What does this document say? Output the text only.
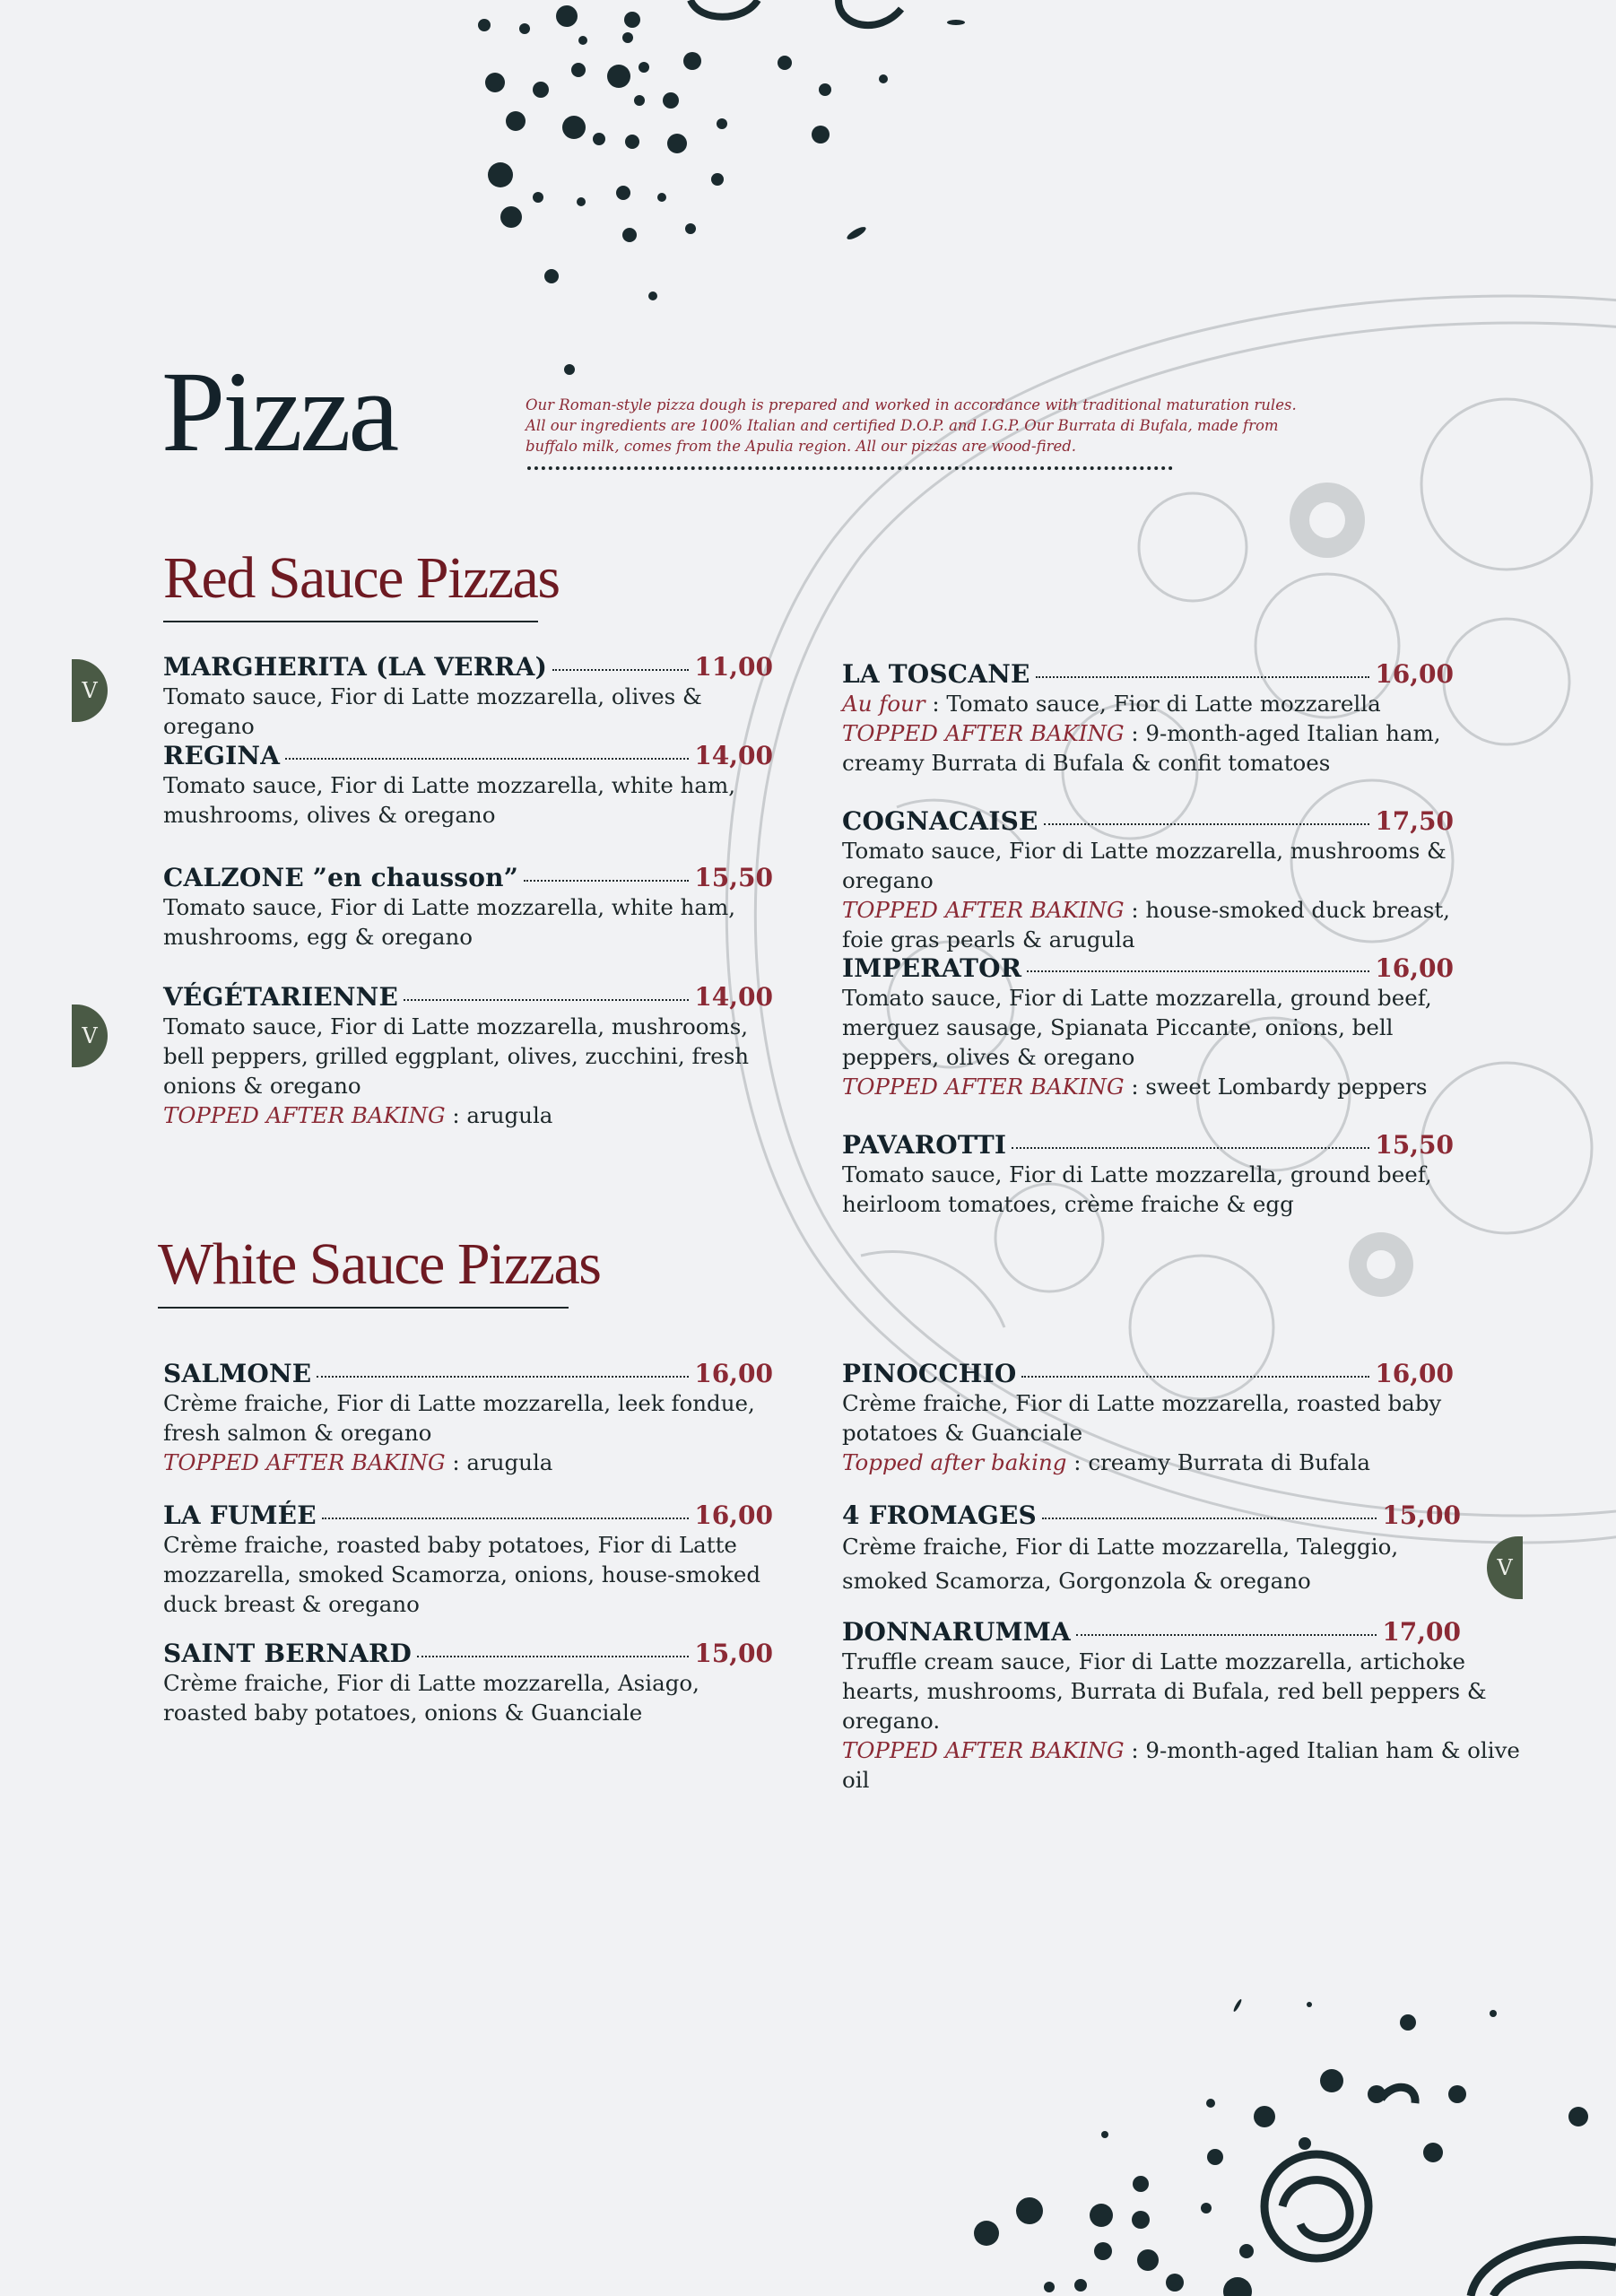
Pizza	Our Roman-style pizza dough is prepared and worked in accordance with traditional maturation rules. All our ingredients are 100% Italian and certified D.O.P. and I.G.P. Our Burrata di Bufala, made from buffalo milk, comes from the Apulia region. All our pizzas are wood-fired.
Red Sauce Pizzas
White Sauce Pizzas
MARGHERITA (LA VERRA)	11,00
Tomato sauce, Fior di Latte mozzarella, olives & oregano
REGINA	14,00
Tomato sauce, Fior di Latte mozzarella, white ham, mushrooms, olives & oregano
CALZONE ”en chausson”	15,50
Tomato sauce, Fior di Latte mozzarella, white ham, mushrooms, egg & oregano
VÉGÉTARIENNE	14,00
Tomato sauce, Fior di Latte mozzarella, mushrooms, bell peppers, grilled eggplant, olives, zucchini, fresh onions & oregano
TOPPED AFTER BAKING : arugula
LA TOSCANE	16,00
Au four : Tomato sauce, Fior di Latte mozzarella
TOPPED AFTER BAKING : 9-month-aged Italian ham, creamy Burrata di Bufala & confit tomatoes
COGNACAISE	17,50
Tomato sauce, Fior di Latte mozzarella, mushrooms & oregano
TOPPED AFTER BAKING : house-smoked duck breast, foie gras pearls & arugula
IMPERATOR	16,00
Tomato sauce, Fior di Latte mozzarella, ground beef, merguez sausage, Spianata Piccante, onions, bell peppers, olives & oregano
TOPPED AFTER BAKING : sweet Lombardy peppers
PAVAROTTI	15,50
Tomato sauce, Fior di Latte mozzarella, ground beef, heirloom tomatoes, crème fraiche & egg
SALMONE	16,00
Crème fraiche, Fior di Latte mozzarella, leek fondue, fresh salmon & oregano
TOPPED AFTER BAKING : arugula
LA FUMÉE	16,00
Crème fraiche, roasted baby potatoes, Fior di Latte mozzarella, smoked Scamorza, onions, house-smoked duck breast & oregano
SAINT BERNARD	15,00
Crème fraiche, Fior di Latte mozzarella, Asiago, roasted baby potatoes, onions & Guanciale
PINOCCHIO	16,00
Crème fraiche, Fior di Latte mozzarella, roasted baby potatoes & Guanciale
Topped after baking : creamy Burrata di Bufala
4 FROMAGES	15,00
Crème fraiche, Fior di Latte mozzarella, Taleggio, smoked Scamorza, Gorgonzola & oregano
DONNARUMMA	17,00
Truffle cream sauce, Fior di Latte mozzarella, artichoke hearts, mushrooms, Burrata di Bufala, red bell peppers & oregano.
TOPPED AFTER BAKING : 9-month-aged Italian ham & olive oil
V
V
V
